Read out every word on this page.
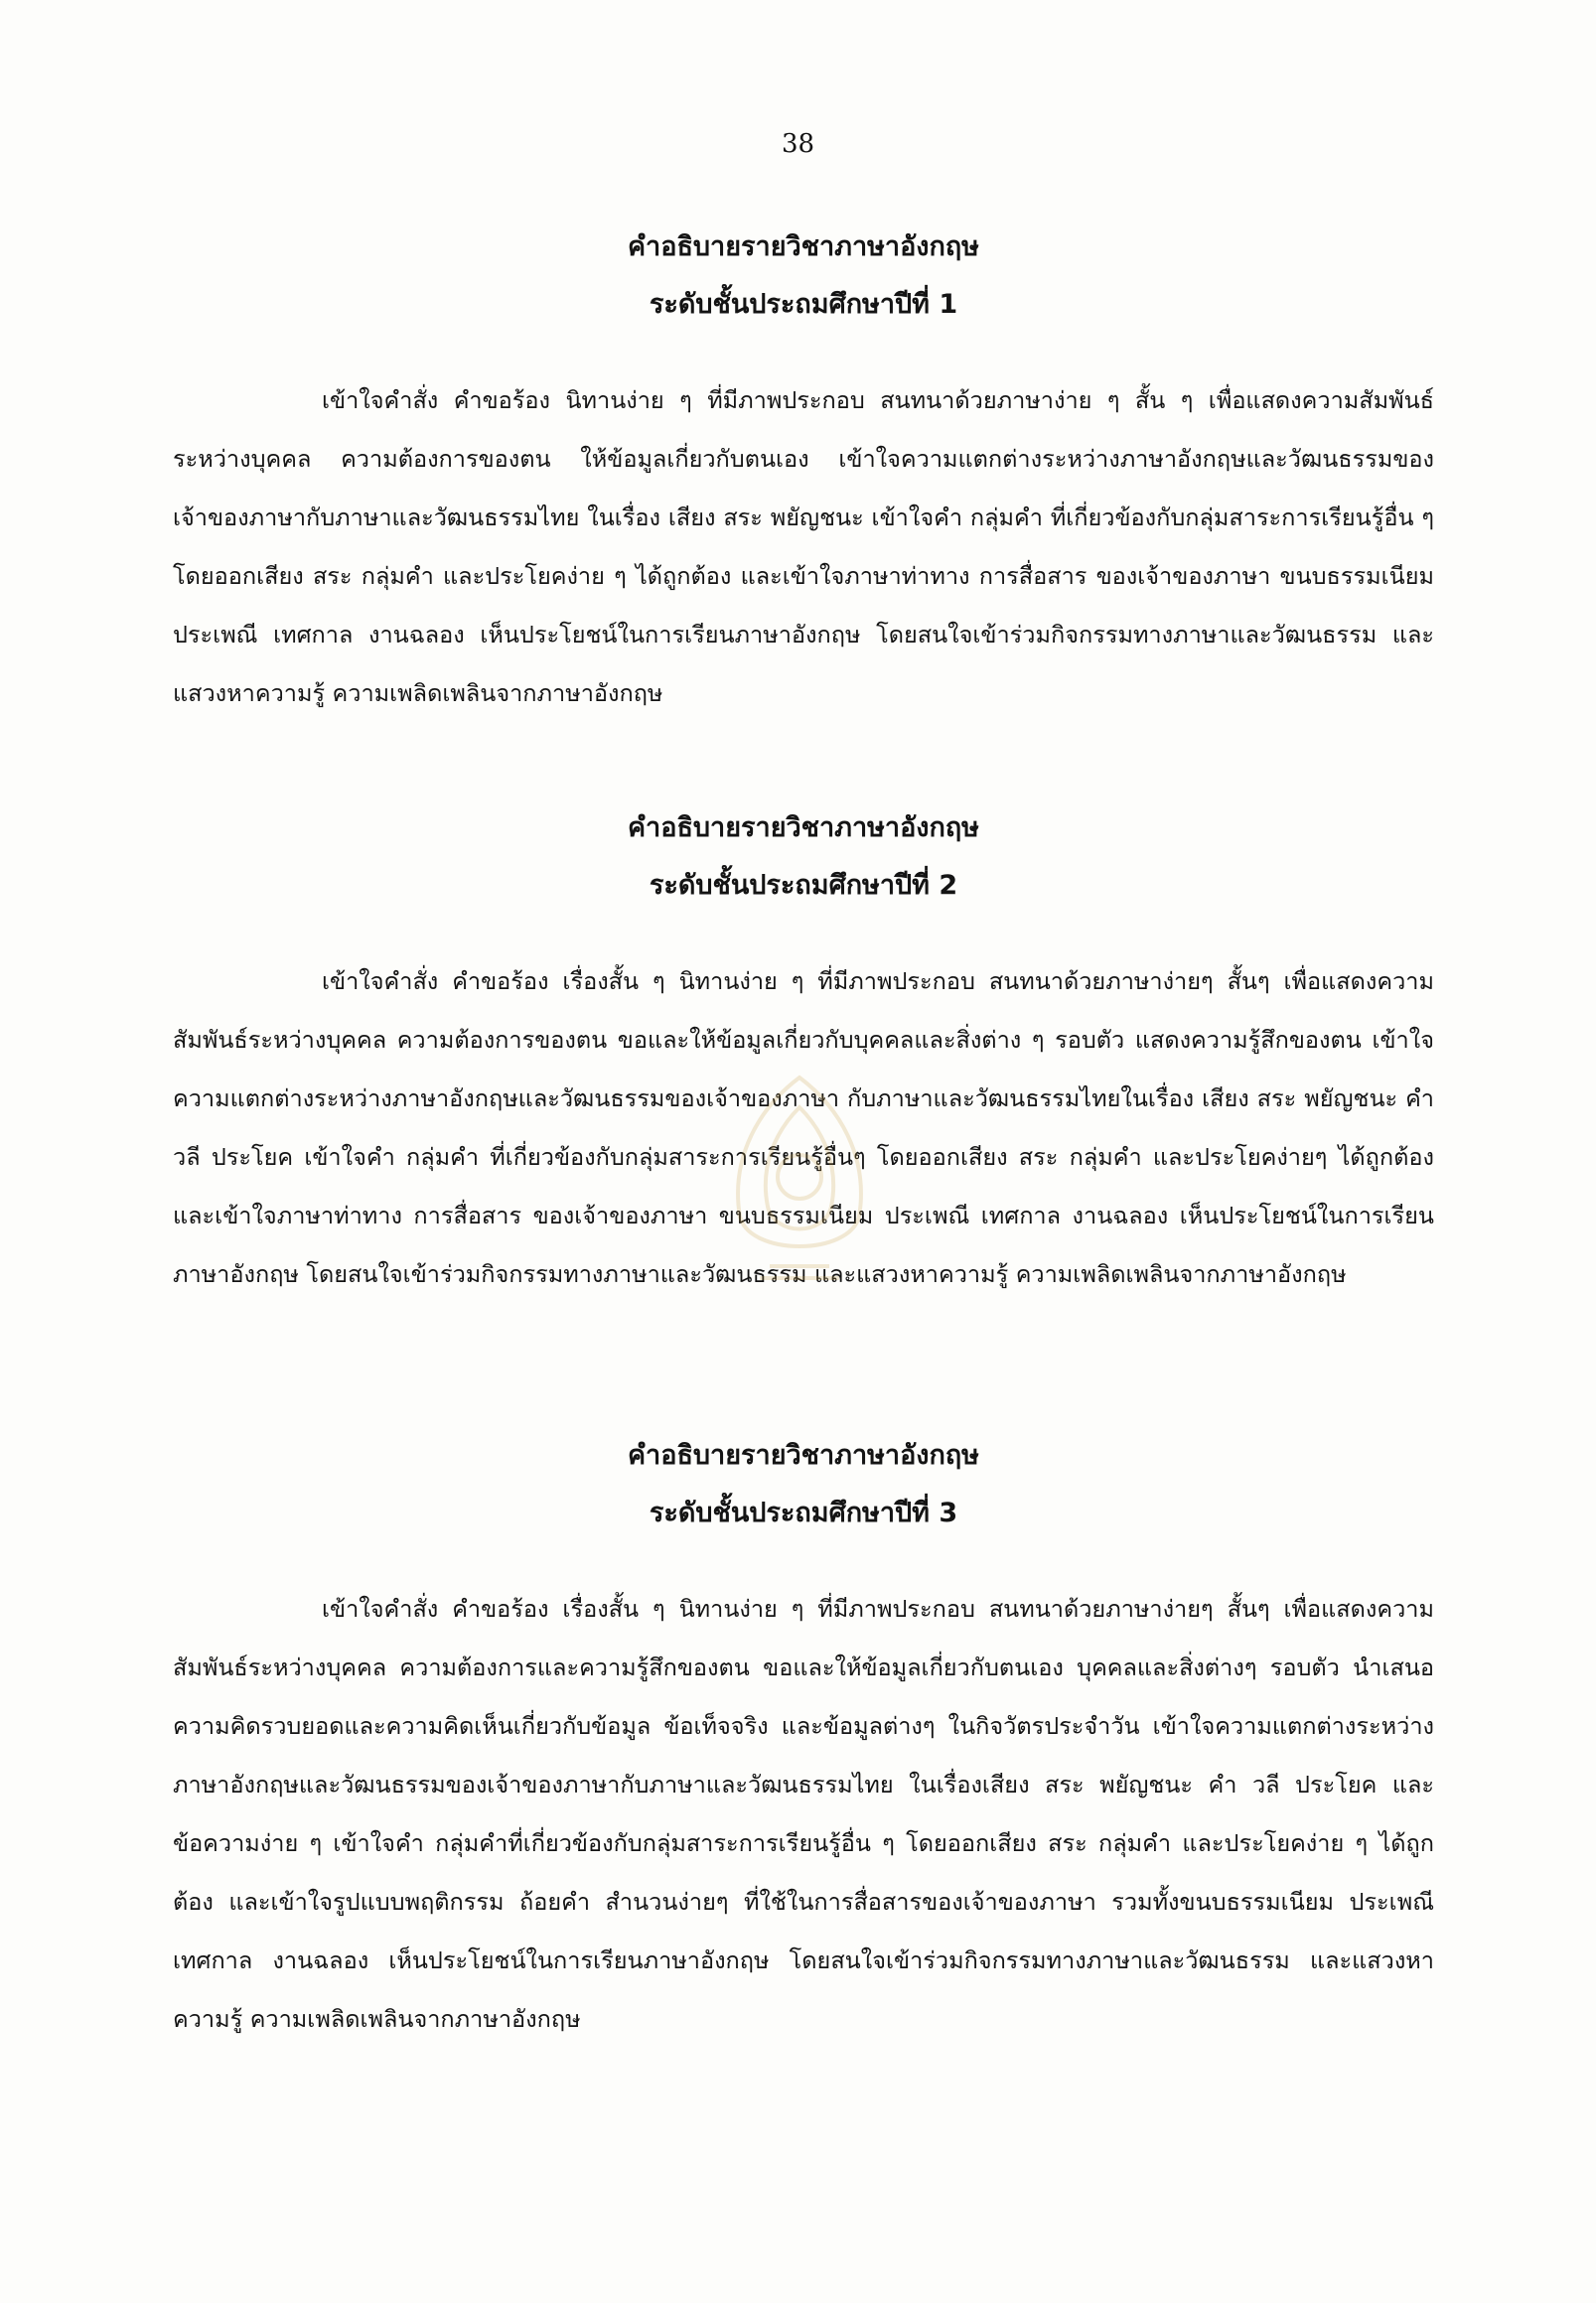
38
คำอธิบายรายวิชาภาษาอังกฤษ
ระดับชั้นประถมศึกษาปีที่ 1
เข้าใจคำสั่ง คำขอร้อง นิทานง่าย ๆ ที่มีภาพประกอบ สนทนาด้วยภาษาง่าย ๆ สั้น ๆ เพื่อแสดงความสัมพันธ์ระหว่างบุคคล ความต้องการของตน ให้ข้อมูลเกี่ยวกับตนเอง เข้าใจความแตกต่างระหว่างภาษาอังกฤษและวัฒนธรรมของเจ้าของภาษากับภาษาและวัฒนธรรมไทย ในเรื่อง เสียง สระ พยัญชนะ เข้าใจคำ กลุ่มคำ ที่เกี่ยวข้องกับกลุ่มสาระการเรียนรู้อื่น ๆ โดยออกเสียง สระ กลุ่มคำ และประโยคง่าย ๆ ได้ถูกต้อง และเข้าใจภาษาท่าทาง การสื่อสาร ของเจ้าของภาษา ขนบธรรมเนียม ประเพณี เทศกาล งานฉลอง เห็นประโยชน์ในการเรียนภาษาอังกฤษ โดยสนใจเข้าร่วมกิจกรรมทางภาษาและวัฒนธรรม และแสวงหาความรู้ ความเพลิดเพลินจากภาษาอังกฤษ
คำอธิบายรายวิชาภาษาอังกฤษ
ระดับชั้นประถมศึกษาปีที่ 2
เข้าใจคำสั่ง คำขอร้อง เรื่องสั้น ๆ นิทานง่าย ๆ ที่มีภาพประกอบ สนทนาด้วยภาษาง่ายๆ สั้นๆ เพื่อแสดงความสัมพันธ์ระหว่างบุคคล ความต้องการของตน ขอและให้ข้อมูลเกี่ยวกับบุคคลและสิ่งต่าง ๆ รอบตัว แสดงความรู้สึกของตน เข้าใจความแตกต่างระหว่างภาษาอังกฤษและวัฒนธรรมของเจ้าของภาษา กับภาษาและวัฒนธรรมไทยในเรื่อง เสียง สระ พยัญชนะ คำ วลี ประโยค เข้าใจคำ กลุ่มคำ ที่เกี่ยวข้องกับกลุ่มสาระการเรียนรู้อื่นๆ โดยออกเสียง สระ กลุ่มคำ และประโยคง่ายๆ ได้ถูกต้อง และเข้าใจภาษาท่าทาง การสื่อสาร ของเจ้าของภาษา ขนบธรรมเนียม ประเพณี เทศกาล งานฉลอง เห็นประโยชน์ในการเรียนภาษาอังกฤษ โดยสนใจเข้าร่วมกิจกรรมทางภาษาและวัฒนธรรม และแสวงหาความรู้ ความเพลิดเพลินจากภาษาอังกฤษ
คำอธิบายรายวิชาภาษาอังกฤษ
ระดับชั้นประถมศึกษาปีที่ 3
เข้าใจคำสั่ง คำขอร้อง เรื่องสั้น ๆ นิทานง่าย ๆ ที่มีภาพประกอบ สนทนาด้วยภาษาง่ายๆ สั้นๆ เพื่อแสดงความสัมพันธ์ระหว่างบุคคล ความต้องการและความรู้สึกของตน ขอและให้ข้อมูลเกี่ยวกับตนเอง บุคคลและสิ่งต่างๆ รอบตัว นำเสนอความคิดรวบยอดและความคิดเห็นเกี่ยวกับข้อมูล ข้อเท็จจริง และข้อมูลต่างๆ ในกิจวัตรประจำวัน เข้าใจความแตกต่างระหว่างภาษาอังกฤษและวัฒนธรรมของเจ้าของภาษากับภาษาและวัฒนธรรมไทย ในเรื่องเสียง สระ พยัญชนะ คำ วลี ประโยค และข้อความง่าย ๆ เข้าใจคำ กลุ่มคำที่เกี่ยวข้องกับกลุ่มสาระการเรียนรู้อื่น ๆ โดยออกเสียง สระ กลุ่มคำ และประโยคง่าย ๆ ได้ถูกต้อง และเข้าใจรูปแบบพฤติกรรม ถ้อยคำ สำนวนง่ายๆ ที่ใช้ในการสื่อสารของเจ้าของภาษา รวมทั้งขนบธรรมเนียม ประเพณี เทศกาล งานฉลอง เห็นประโยชน์ในการเรียนภาษาอังกฤษ โดยสนใจเข้าร่วมกิจกรรมทางภาษาและวัฒนธรรม และแสวงหาความรู้ ความเพลิดเพลินจากภาษาอังกฤษ
